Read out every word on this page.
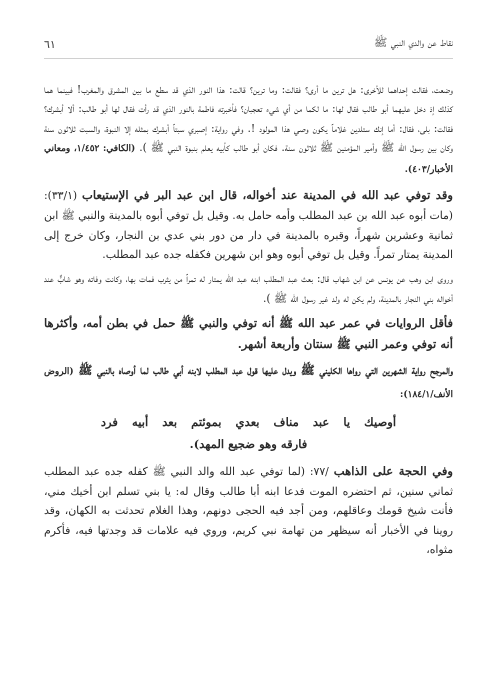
نقاط عن والدي النبي ﷺ
٦١

وضعت، فقالت إحداهما للأخرى: هل ترين ما أرى؟ فقالت: وما ترين؟ قالت: هذا النور الذي قد سطع ما بين المشرق والمغرب! فبينما هما كذلك إذ دخل عليهما أبو طالب فقال لها: ما لكما من أي شيء تعجبان؟ فأخبرته فاطمة بالنور الذي قد رأت فقال لها أبو طالب: ألا أبشرك؟ فقالت: بلى، فقال: أما إنك ستلدين غلاماً يكون وصي هذا المولود !. وفي رواية: إصبري سبتاً أبشرك بمثله إلا النبوة، والسبت ثلاثون سنة وكان بين رسول الله ﷺ وأمير المؤمنين ﷺ ثلاثون سنة. فكان أبو طالب كأبيه يعلم بنبوة النبي ﷺ ). (الكافي: ١/٤٥٢، ومعاني الأخبار/٤٠٣).

وقد توفي عبد الله في المدينة عند أخواله، قال ابن عبد البر في الإستيعاب (٣٣/١): (مات أبوه عبد الله بن عبد المطلب وأمه حامل به. وقيل بل توفي أبوه بالمدينة والنبي ﷺ ابن ثمانية وعشرين شهراً، وقبره بالمدينة في دار من دور بني عدي بن النجار، وكان خرج إلى المدينة يمتار تمراً. وقيل بل توفي أبوه وهو ابن شهرين فكفله جده عبد المطلب.

وروى ابن وهب عن يونس عن ابن شهاب قال: بعث عبد المطلب ابنه عبد الله يمتار له تمراً من يثرب فمات بها، وكانت وفاته وهو شابٌّ عند أخواله بني النجار بالمدينة، ولم يكن له ولد غير رسول الله ﷺ ).

فأقل الروايات في عمر عبد الله ﷺ أنه توفي والنبي ﷺ حمل في بطن أمه، وأكثرها أنه توفي وعمر النبي ﷺ سنتان وأربعة أشهر.

والمرجح رواية الشهرين التي رواها الكليني ﷺ ويدل عليها قول عبد المطلب لابنه أبي طالب لما أوصاه بالنبي ﷺ (الروض الأنف/١٨٤/١):

أوصيك يا عبد مناف بعدي بموئتم بعد أبيه فرد
فارقه وهو ضجيع المهد).

وفي الحجة على الذاهب /٧٧: (لما توفي عبد الله والد النبي ﷺ كفله جده عبد المطلب ثماني سنين، ثم احتضره الموت فدعا ابنه أبا طالب وقال له: يا بني تسلم ابن أخيك مني، فأنت شيخ قومك وعاقلهم، ومن أجد فيه الحجى دونهم، وهذا الغلام تحدثت به الكهان، وقد روينا في الأخبار أنه سيظهر من تهامة نبي كريم، وروي فيه علامات قد وجدتها فيه، فأكرم مثواه،
